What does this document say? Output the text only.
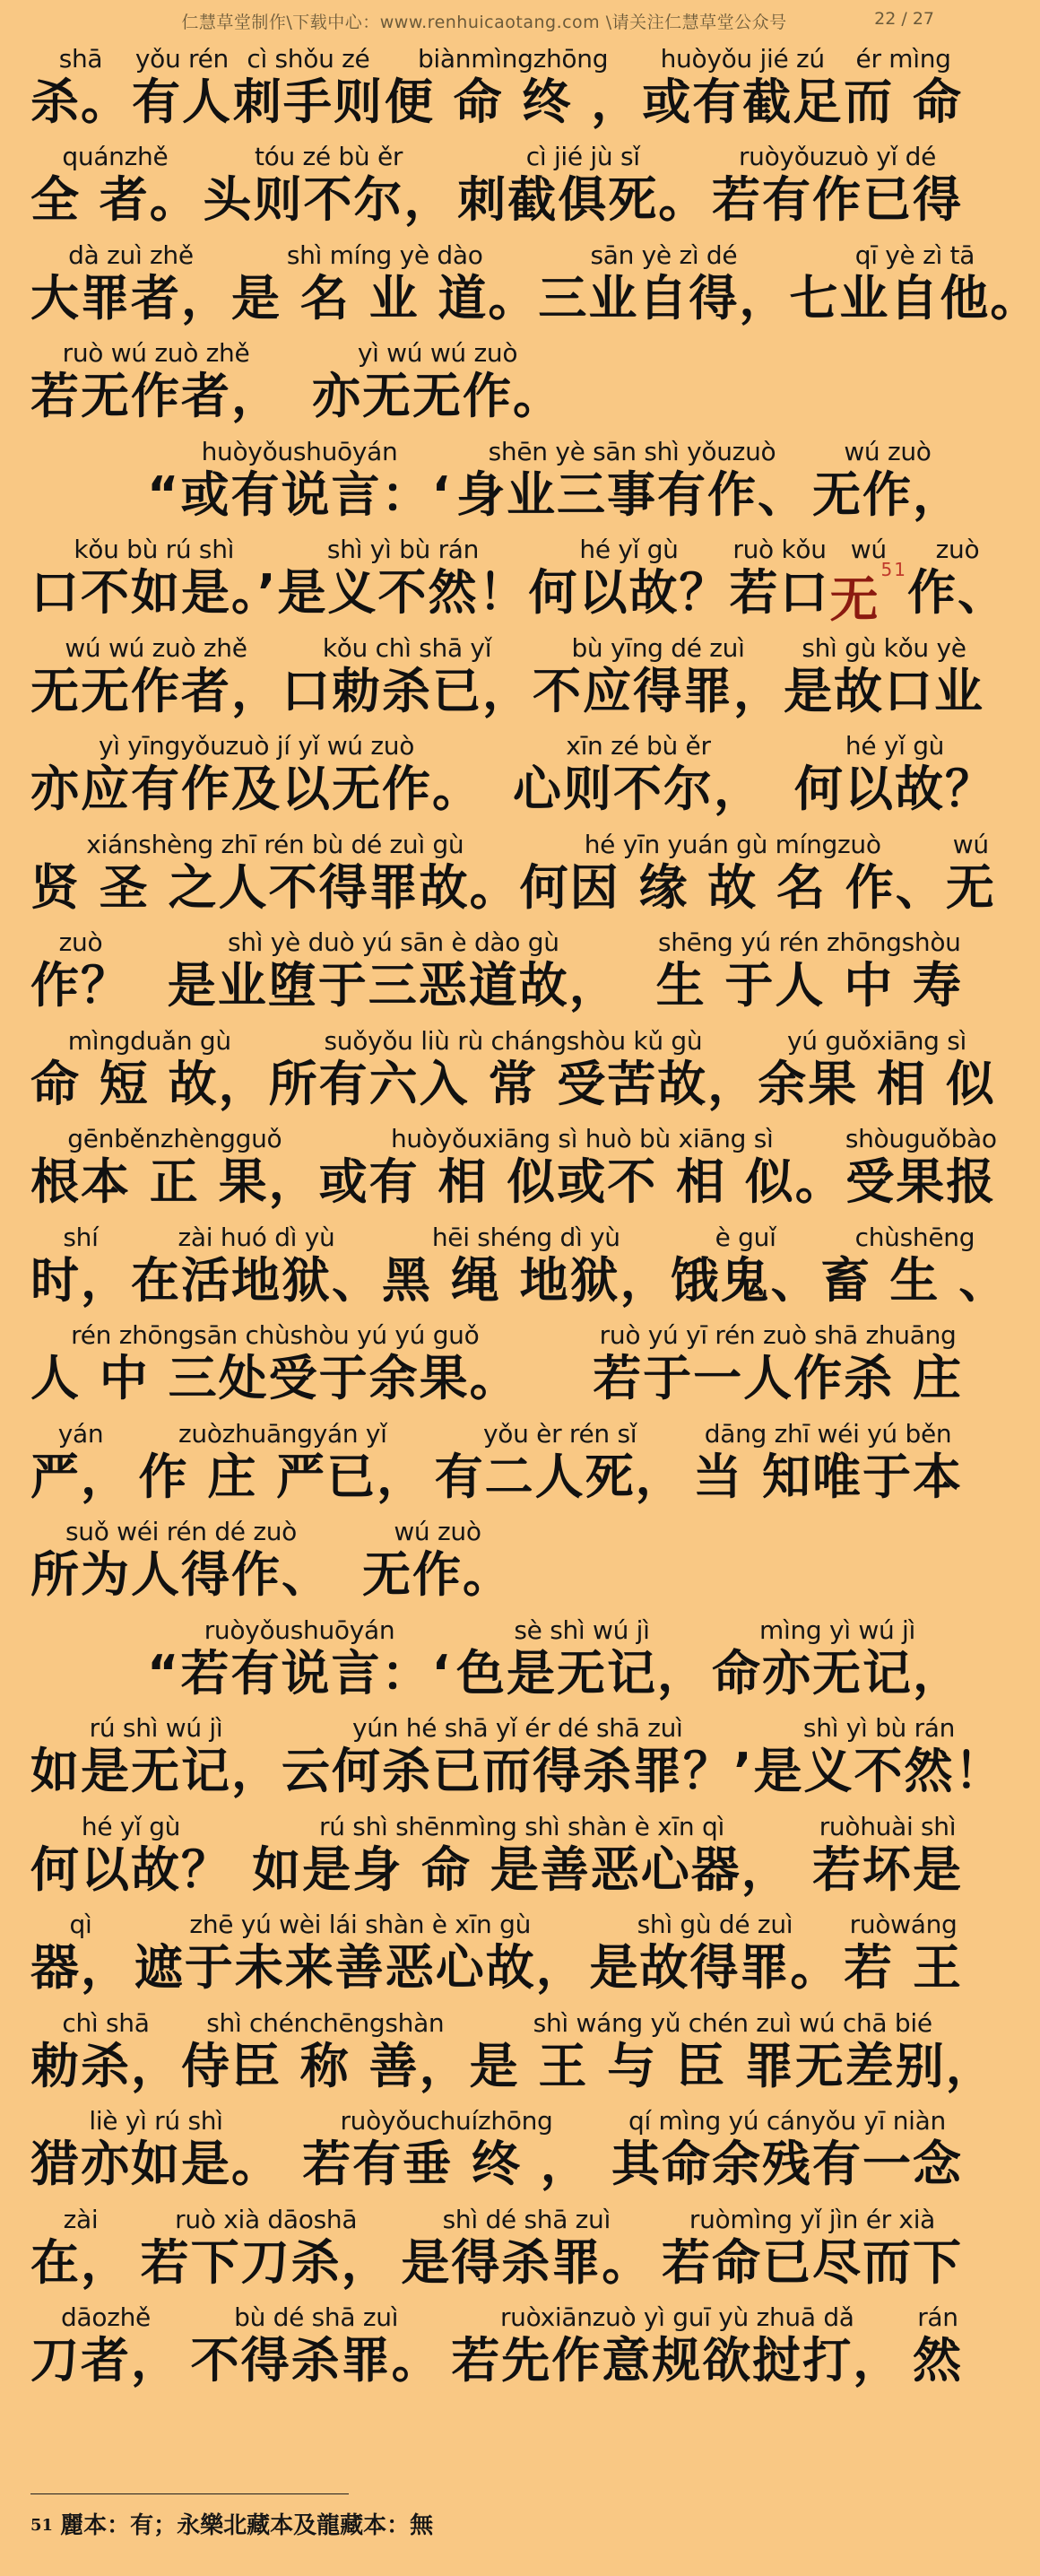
仁慧草堂制作\下载中心：www.renhuicaotang.com \请关注仁慧草堂公众号	22 / 27
shā
杀。
yǒu rén
有人
cì shǒu zé
刺手则
biànmìngzhōng
便 命 终 ，
huòyǒu jié zú
或有截足
ér mìng
而 命
quánzhě
全 者。
tóu zé bù ěr
头则不尔，
cì jié jù sǐ
刺截俱死。
ruòyǒuzuò yǐ dé
若有作已得
dà zuì zhě
大罪者，
shì míng yè dào
是 名 业 道。
sān yè zì dé
三业自得，
qī yè zì tā
七业自他。
ruò wú zuò zhě
若无作者，
yì wú wú zuò
亦无无作。
huòyǒushuōyán
“或有说言：‘
shēn yè sān shì yǒuzuò
身业三事有作、
wú zuò
无作，
kǒu bù rú shì
口不如是。’
shì yì bù rán
是义不然！
hé yǐ gù
何以故？
ruò kǒu
若口
wú
无$^{51}$
zuò
作、
wú wú zuò zhě
无无作者，
kǒu chì shā yǐ
口勅杀已，
bù yīng dé zuì
不应得罪，
shì gù kǒu yè
是故口业
yì yīngyǒuzuò jí yǐ wú zuò
亦应有作及以无作。
xīn zé bù ěr
心则不尔，
hé yǐ gù
何以故？
xiánshèng zhī rén bù dé zuì gù
贤 圣 之人不得罪故。
hé yīn yuán gù míngzuò
何因 缘 故 名 作、
wú
无
zuò
作？
shì yè duò yú sān è dào gù
是业堕于三恶道故，
shēng yú rén zhōngshòu
生 于人 中 寿
mìngduǎn gù
命 短 故，
suǒyǒu liù rù chángshòu kǔ gù
所有六入 常 受苦故，
yú guǒxiāng sì
余果 相 似
gēnběnzhèngguǒ
根本 正 果，
huòyǒuxiāng sì huò bù xiāng sì
或有 相 似或不 相 似。
shòuguǒbào
受果报
shí
时，
zài huó dì yù
在活地狱、
hēi shéng dì yù
黑 绳 地狱，
è guǐ
饿鬼、
chùshēng
畜 生 、
rén zhōngsān chùshòu yú yú guǒ
人 中 三处受于余果。
ruò yú yī rén zuò shā zhuāng
若于一人作杀 庄
yán
严，
zuòzhuāngyán yǐ
作 庄 严已，
yǒu èr rén sǐ
有二人死，
dāng zhī wéi yú běn
当 知唯于本
suǒ wéi rén dé zuò
所为人得作、
wú zuò
无作。
ruòyǒushuōyán
“若有说言：‘
sè shì wú jì
色是无记，
mìng yì wú jì
命亦无记，
rú shì wú jì
如是无记，
yún hé shā yǐ ér dé shā zuì
云何杀已而得杀罪？’
shì yì bù rán
是义不然！
hé yǐ gù
何以故？
rú shì shēnmìng shì shàn è xīn qì
如是身 命 是善恶心器，
ruòhuài shì
若坏是
qì
器，
zhē yú wèi lái shàn è xīn gù
遮于未来善恶心故，
shì gù dé zuì
是故得罪。
ruòwáng
若 王
chì shā
勅杀，
shì chénchēngshàn
侍臣 称 善，
shì wáng yǔ chén zuì wú chā bié
是 王 与 臣 罪无差别，
liè yì rú shì
猎亦如是。
ruòyǒuchuízhōng
若有垂 终 ，
qí mìng yú cányǒu yī niàn
其命余残有一念
zài
在，
ruò xià dāoshā
若下刀杀，
shì dé shā zuì
是得杀罪。
ruòmìng yǐ jìn ér xià
若命已尽而下
dāozhě
刀者，
bù dé shā zuì
不得杀罪。
ruòxiānzuò yì guī yù zhuā dǎ
若先作意规欲挝打，
rán
然
$^{51}$ 麗本：有；永樂北藏本及龍藏本：無
